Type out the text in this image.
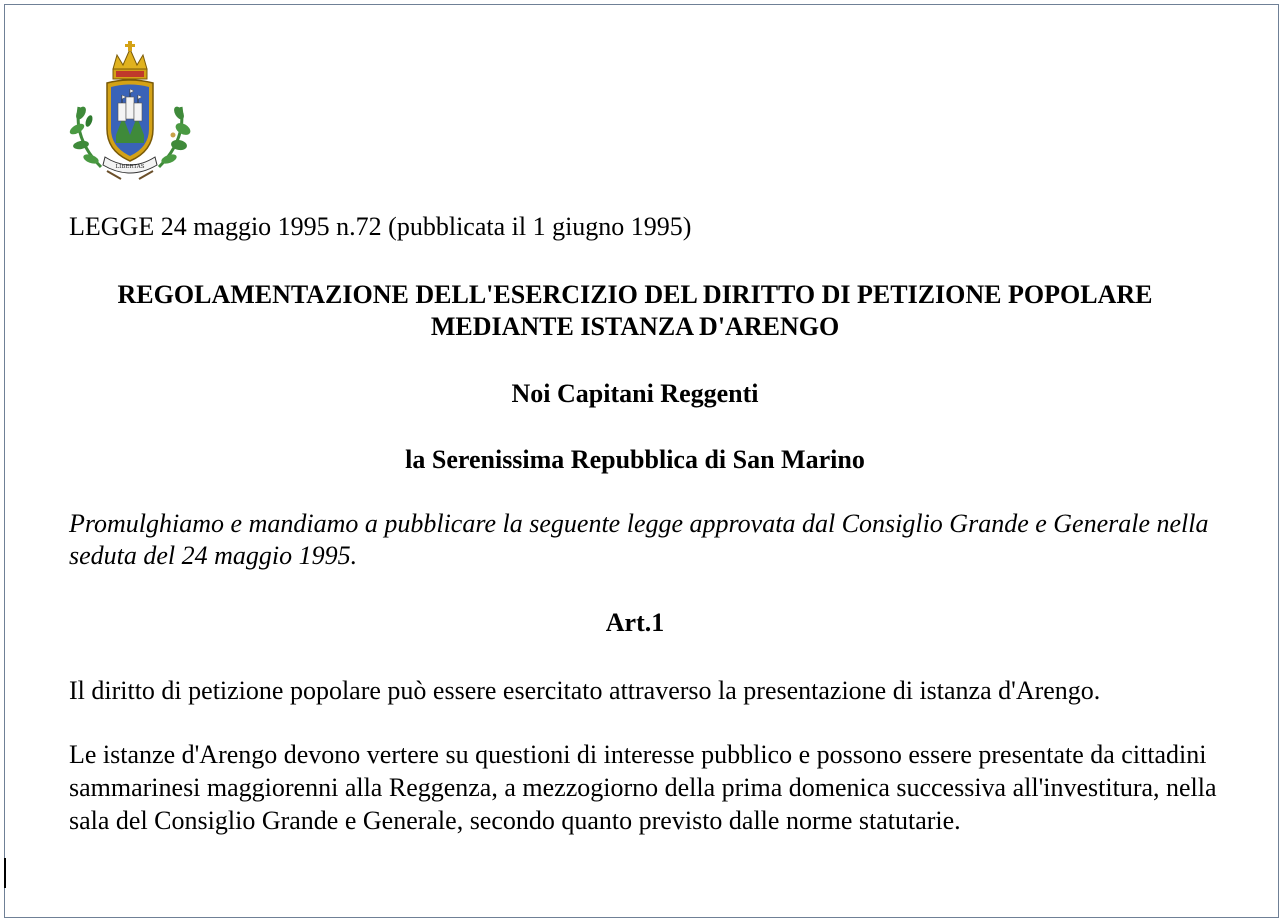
LIBERTAS
LEGGE 24 maggio 1995 n.72 (pubblicata il 1 giugno 1995)
REGOLAMENTAZIONE DELL'ESERCIZIO DEL DIRITTO DI PETIZIONE POPOLARE
MEDIANTE ISTANZA D'ARENGO
Noi Capitani Reggenti
la Serenissima Repubblica di San Marino
Promulghiamo e mandiamo a pubblicare la seguente legge approvata dal Consiglio Grande e Generale nella seduta del 24 maggio 1995.
Art.1
Il diritto di petizione popolare può essere esercitato attraverso la presentazione di istanza d'Arengo.
Le istanze d'Arengo devono vertere su questioni di interesse pubblico e possono essere presentate da cittadini sammarinesi maggiorenni alla Reggenza, a mezzogiorno della prima domenica successiva all'investitura, nella sala del Consiglio Grande e Generale, secondo quanto previsto dalle norme statutarie.
